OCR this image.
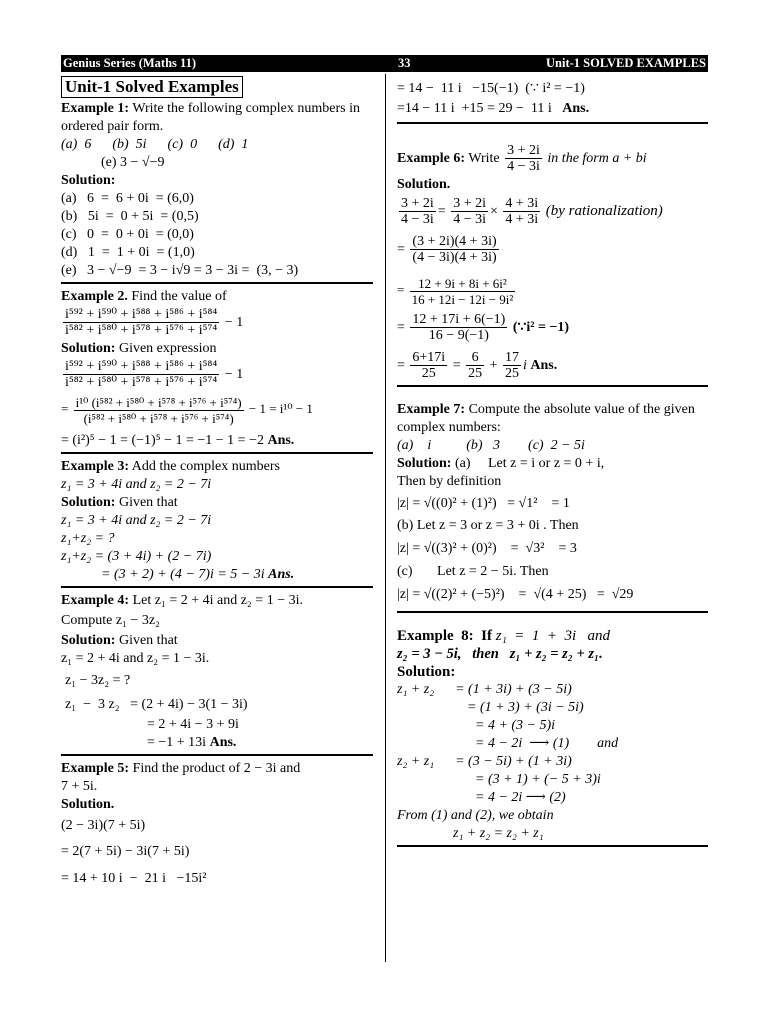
Genius Series (Maths 11)	33	Unit-1 SOLVED EXAMPLES
Unit-1 Solved Examples
Example 1: Write the following complex numbers in ordered pair form.
(a)  6      (b)  5i      (c)  0      (d)  1
(e) 3 − √−9
Solution:
(a)   6  =  6 + 0i  = (6,0)
(b)   5i  =  0 + 5i  = (0,5)
(c)   0  =  0 + 0i  = (0,0)
(d)   1  =  1 + 0i  = (1,0)
(e)   3 − √−9  = 3 − i√9 = 3 − 3i =  (3, − 3)
Example 2. Find the value of
$\frac{\text{i⁵⁹² + i⁵⁹⁰ + i⁵⁸⁸ + i⁵⁸⁶ + i⁵⁸⁴}}{\text{i⁵⁸² + i⁵⁸⁰ + i⁵⁷⁸ + i⁵⁷⁶ + i⁵⁷⁴}} - 1$
Solution: Given expression
$\frac{\text{i⁵⁹² + i⁵⁹⁰ + i⁵⁸⁸ + i⁵⁸⁶ + i⁵⁸⁴}}{\text{i⁵⁸² + i⁵⁸⁰ + i⁵⁷⁸ + i⁵⁷⁶ + i⁵⁷⁴}} - 1$
= $\frac{\text{i¹⁰ (i⁵⁸² + i⁵⁸⁰ + i⁵⁷⁸ + i⁵⁷⁶ + i⁵⁷⁴)}}{\text{(i⁵⁸² + i⁵⁸⁰ + i⁵⁷⁸ + i⁵⁷⁶ + i⁵⁷⁴)}} - 1 = i^{10} - 1$
= (i²)⁵ − 1 = (−1)⁵ − 1 = −1 − 1 = −2 Ans.
Example 3: Add the complex numbers
z₁ = 3 + 4i and z₂ = 2 − 7i
Solution: Given that
z₁ = 3 + 4i and z₂ = 2 − 7i
z₁+z₂ = ?
z₁+z₂ = (3 + 4i) + (2 − 7i)
= (3 + 2) + (4 − 7)i = 5 − 3i Ans.
Example 4: Let z₁ = 2 + 4i and z₂ = 1 − 3i.
Compute z₁ − 3z₂
Solution: Given that
z₁ = 2 + 4i and z₂ = 1 − 3i.
z₁ − 3z₂ = ?
z₁  −  3 z₂   = (2 + 4i) − 3(1 − 3i)
= 2 + 4i − 3 + 9i
= −1 + 13i Ans.
Example 5: Find the product of 2 − 3i and
7 + 5i.
Solution.
(2 − 3i)(7 + 5i)
= 2(7 + 5i) − 3i(7 + 5i)
= 14 + 10 i  −  21 i   −15i²
= 14 −  11 i   −15(−1)  (∵ i² = −1)
=14 − 11 i  +15 = 29 −  11 i Ans.
Example 6: Write $\frac{3 + 2i}{4 - 3i}$ in the form a + bi
Solution.
$\frac{3 + 2i}{4 - 3i} = \frac{3 + 2i}{4 - 3i} \times \frac{4 + 3i}{4 + 3i} (by$ rationalization)
= $\frac{(3 + 2i)(4 + 3i)}{(4 - 3i)(4 + 3i)}$
= $\frac{\text{12 + 9i + 8i + 6i²}}{\text{16 + 12i − 12i − 9i²}}$
= $\frac{12 + 17i + 6(-1)}{16 - 9(-1)}$ (∵i² = −1)
= $\frac{6+17i}{25} = \frac{6}{25} + \frac{17}{25}$ i Ans.
Example 7: Compute the absolute value of the given complex numbers:
(a)    i          (b)   3        (c)  2 − 5i
Solution: (a)     Let z = i or z = 0 + i,
Then by definition
|z| = √((0)² + (1)²)   = √1²    = 1
(b) Let z = 3 or z = 3 + 0i . Then
|z| = √((3)² + (0)²)    =  √3²    = 3
(c)       Let z = 2 − 5i. Then
|z| = √((2)² + (−5)²)    =  √(4 + 25)   =  √29
Example  8:  If z₁  =  1  +  3i   and
z₂ = 3 − 5i,   then   z₁ + z₂ = z₂ + z₁.
Solution:
z₁ + z₂      = (1 + 3i) + (3 − 5i)
= (1 + 3) + (3i − 5i)
= 4 + (3 − 5)i
= 4 − 2i  ⟶ (1)        and
z₂ + z₁      = (3 − 5i) + (1 + 3i)
= (3 + 1) + (− 5 + 3)i
= 4 − 2i ⟶ (2)
From (1) and (2), we obtain
z₁ + z₂ = z₂ + z₁
